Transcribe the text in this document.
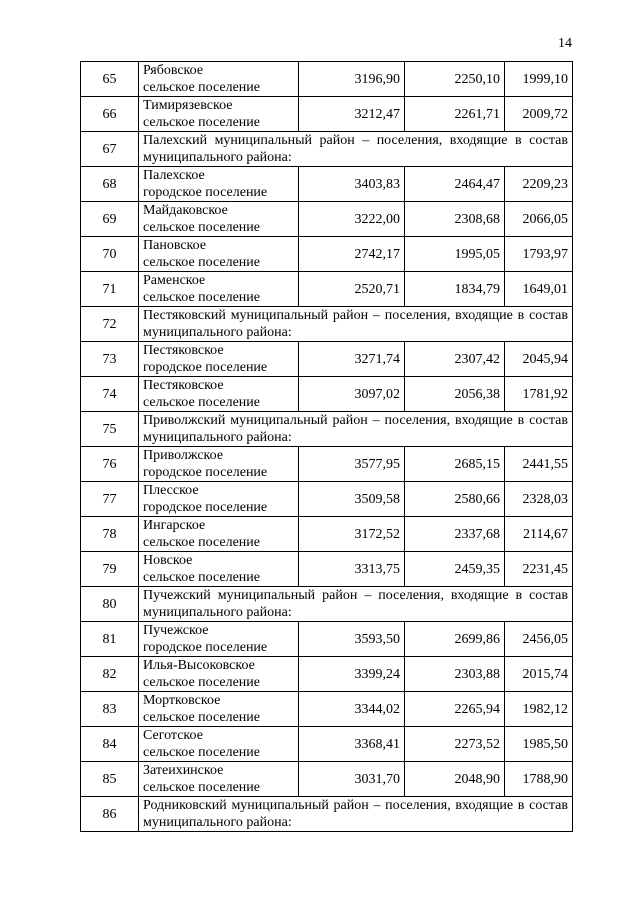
14
65	Рябовское
сельское поселение	3196,90	2250,10	1999,10
66	Тимирязевское
сельское поселение	3212,47	2261,71	2009,72
67	Палехский муниципальный район – поселения, входящие в состав муниципального района:			
68	Палехское
городское поселение	3403,83	2464,47	2209,23
69	Майдаковское
сельское поселение	3222,00	2308,68	2066,05
70	Пановское
сельское поселение	2742,17	1995,05	1793,97
71	Раменское
сельское поселение	2520,71	1834,79	1649,01
72	Пестяковский муниципальный район – поселения, входящие в состав муниципального района:			
73	Пестяковское
городское поселение	3271,74	2307,42	2045,94
74	Пестяковское
сельское поселение	3097,02	2056,38	1781,92
75	Приволжский муниципальный район – поселения, входящие в состав муниципального района:			
76	Приволжское
городское поселение	3577,95	2685,15	2441,55
77	Плесское
городское поселение	3509,58	2580,66	2328,03
78	Ингарское
сельское поселение	3172,52	2337,68	2114,67
79	Новское
сельское поселение	3313,75	2459,35	2231,45
80	Пучежский муниципальный район – поселения, входящие в состав муниципального района:			
81	Пучежское
городское поселение	3593,50	2699,86	2456,05
82	Илья-Высоковское
сельское поселение	3399,24	2303,88	2015,74
83	Мортковское
сельское поселение	3344,02	2265,94	1982,12
84	Сеготское
сельское поселение	3368,41	2273,52	1985,50
85	Затеихинское
сельское поселение	3031,70	2048,90	1788,90
86	Родниковский муниципальный район – поселения, входящие в состав муниципального района:			
